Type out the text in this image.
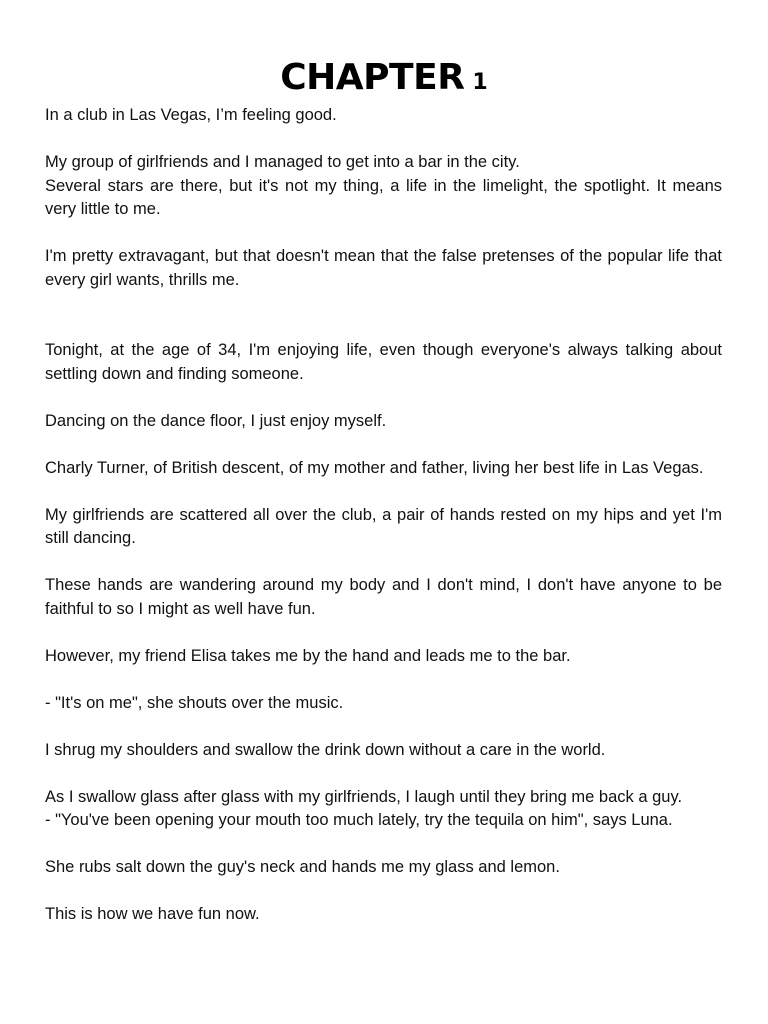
CHAPTER 1

In a club in Las Vegas, I’m feeling good.

My group of girlfriends and I managed to get into a bar in the city.

Several stars are there, but it's not my thing, a life in the limelight, the spotlight. It means very little to me.

I'm pretty extravagant, but that doesn't mean that the false pretenses of the popular life that every girl wants, thrills me.

Tonight, at the age of 34, I'm enjoying life, even though everyone's always talking about settling down and finding someone.

Dancing on the dance floor, I just enjoy myself.

Charly Turner, of British descent, of my mother and father, living her best life in Las Vegas.

My girlfriends are scattered all over the club, a pair of hands rested on my hips and yet I'm still dancing.

These hands are wandering around my body and I don't mind, I don't have anyone to be faithful to so I might as well have fun.

However, my friend Elisa takes me by the hand and leads me to the bar.

- "It's on me", she shouts over the music.

I shrug my shoulders and swallow the drink down without a care in the world.

As I swallow glass after glass with my girlfriends, I laugh until they bring me back a guy.

- "You've been opening your mouth too much lately, try the tequila on him", says Luna.

She rubs salt down the guy's neck and hands me my glass and lemon.

This is how we have fun now.
